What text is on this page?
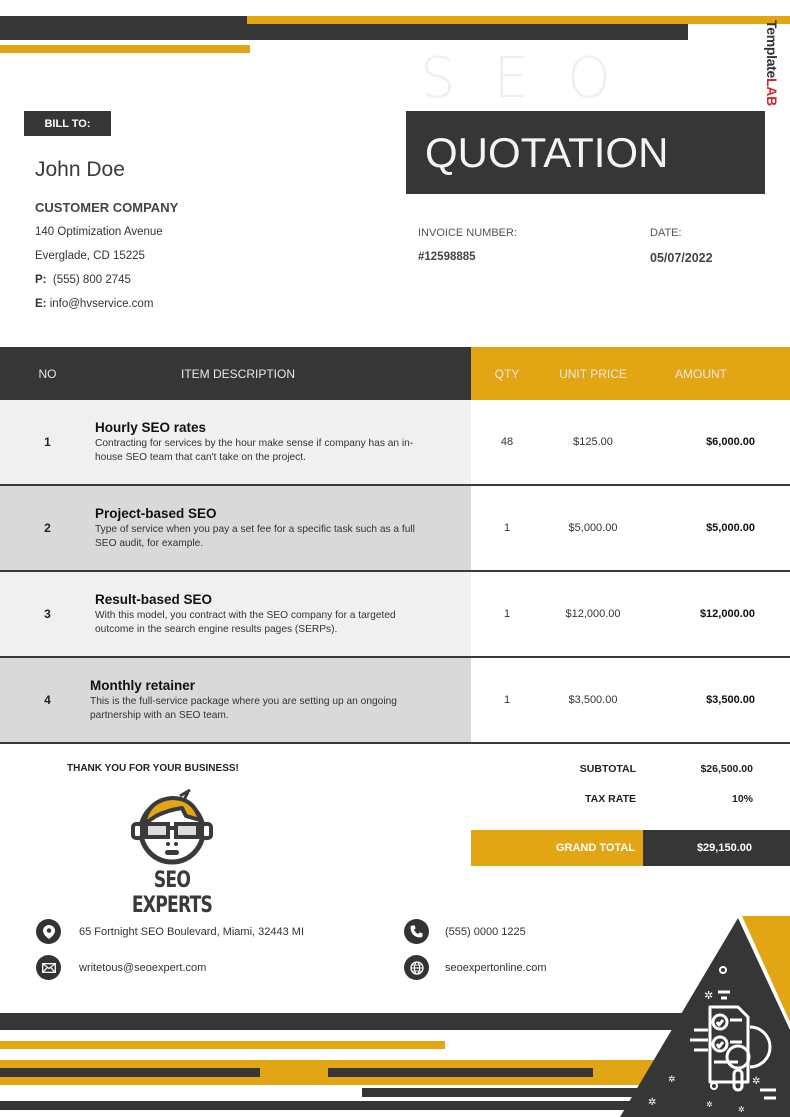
SEO	TemplateLAB
BILL TO:
John Doe
CUSTOMER COMPANY
140 Optimization Avenue
Everglade, CD 15225
P: (555) 800 2745
E: info@hvservice.com
QUOTATION
INVOICE NUMBER:
#12598885
DATE:
05/07/2022
NO	ITEM DESCRIPTION	QTY	UNIT PRICE	AMOUNT
1
Hourly SEO rates
Contracting for services by the hour make sense if company has an in-house SEO team that can't take on the project.
48	$125.00	$6,000.00
2
Project-based SEO
Type of service when you pay a set fee for a specific task such as a full SEO audit, for example.
1	$5,000.00	$5,000.00
3
Result-based SEO
With this model, you contract with the SEO company for a targeted outcome in the search engine results pages (SERPs).
1	$12,000.00	$12,000.00
4
Monthly retainer
This is the full-service package where you are setting up an ongoing partnership with an SEO team.
1	$3,500.00	$3,500.00
THANK YOU FOR YOUR BUSINESS!	SUBTOTAL	$26,500.00
TAX RATE	10%
GRAND TOTAL	$29,150.00
SEO EXPERTS
65 Fortnight SEO Boulevard, Miami, 32443 MI
writetous@seoexpert.com
(555) 0000 1225
seoexpertonline.com
✲
✲
✲
✲
✲
✲
© TemplateLab.com
